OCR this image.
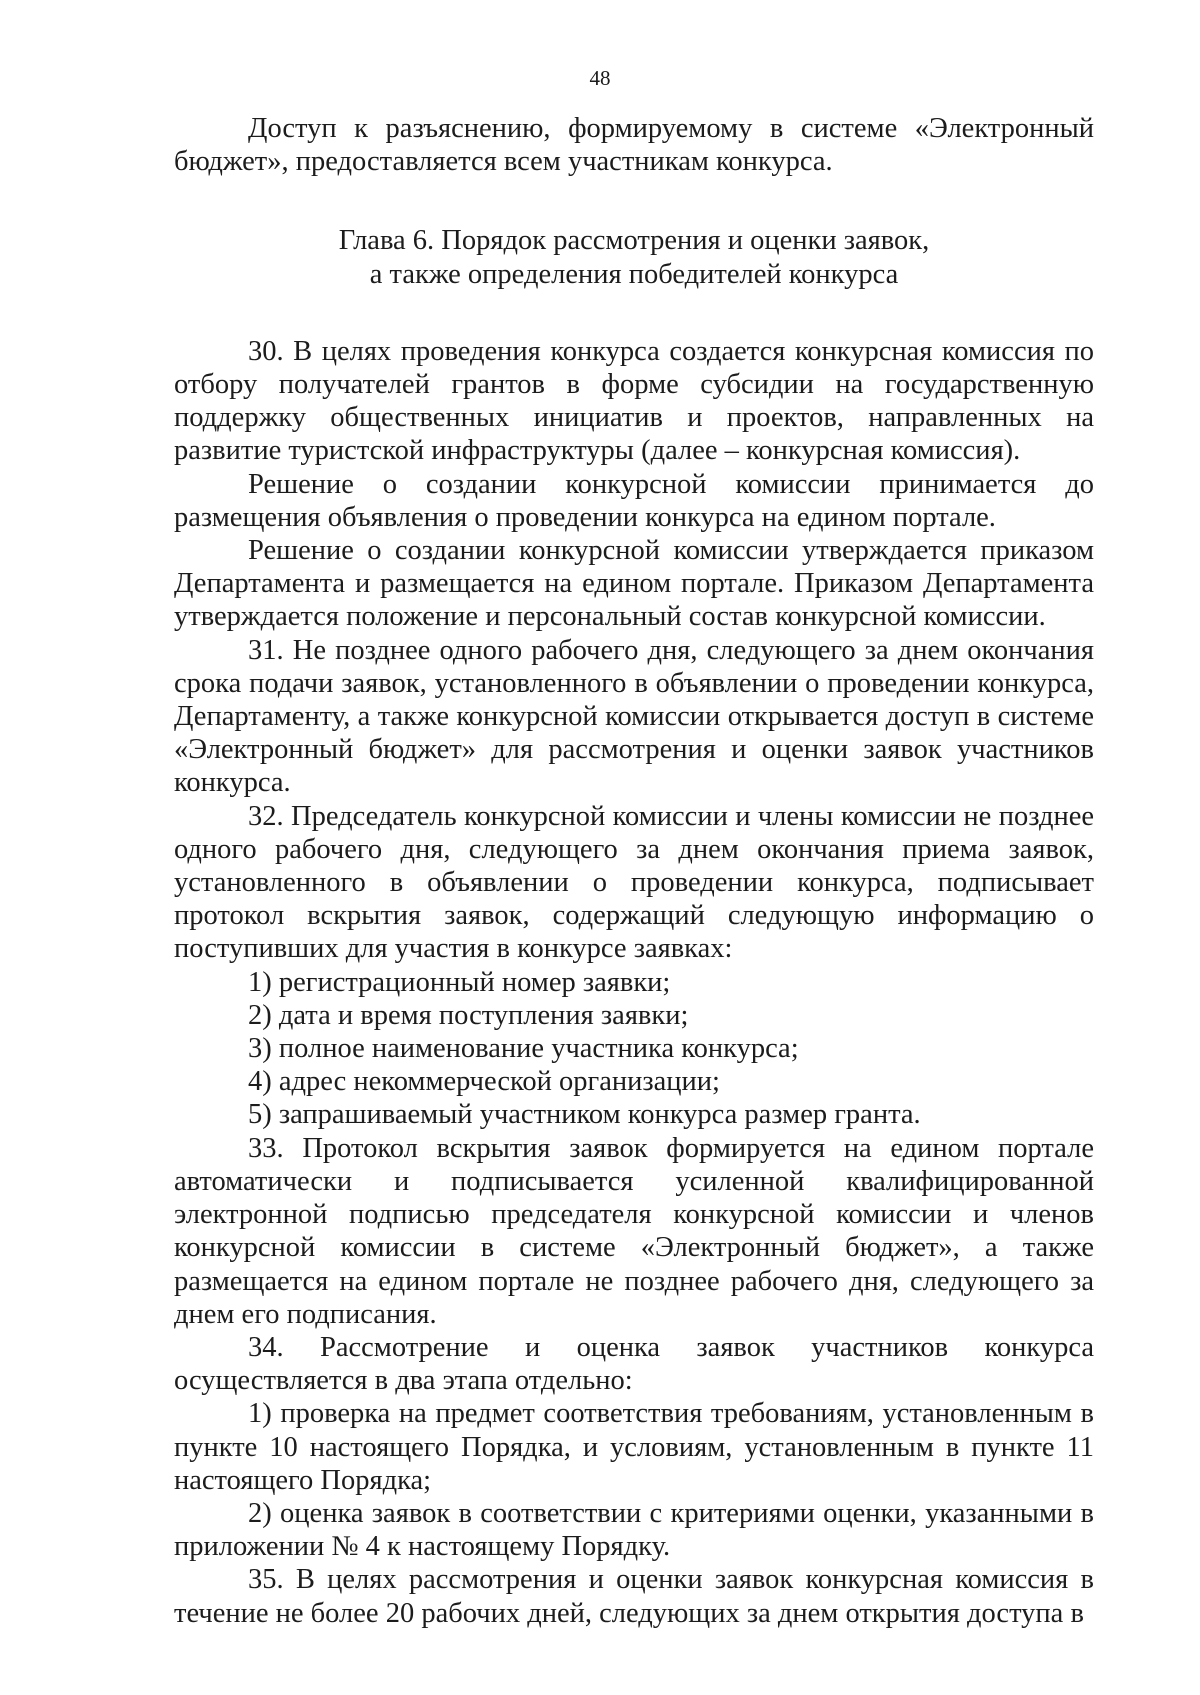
48

Доступ к разъяснению, формируемому в системе «Электронный бюджет», предоставляется всем участникам конкурса.

Глава 6. Порядок рассмотрения и оценки заявок,
а также определения победителей конкурса

30. В целях проведения конкурса создается конкурсная комиссия по отбору получателей грантов в форме субсидии на государственную поддержку общественных инициатив и проектов, направленных на развитие туристской инфраструктуры (далее – конкурсная комиссия).

Решение о создании конкурсной комиссии принимается до размещения объявления о проведении конкурса на едином портале.

Решение о создании конкурсной комиссии утверждается приказом Департамента и размещается на едином портале. Приказом Департамента утверждается положение и персональный состав конкурсной комиссии.

31. Не позднее одного рабочего дня, следующего за днем окончания срока подачи заявок, установленного в объявлении о проведении конкурса, Департаменту, а также конкурсной комиссии открывается доступ в системе «Электронный бюджет» для рассмотрения и оценки заявок участников конкурса.

32. Председатель конкурсной комиссии и члены комиссии не позднее одного рабочего дня, следующего за днем окончания приема заявок, установленного в объявлении о проведении конкурса, подписывает протокол вскрытия заявок, содержащий следующую информацию о поступивших для участия в конкурсе заявках:

1) регистрационный номер заявки;

2) дата и время поступления заявки;

3) полное наименование участника конкурса;

4) адрес некоммерческой организации;

5) запрашиваемый участником конкурса размер гранта.

33. Протокол вскрытия заявок формируется на едином портале автоматически и подписывается усиленной квалифицированной электронной подписью председателя конкурсной комиссии и членов конкурсной комиссии в системе «Электронный бюджет», а также размещается на едином портале не позднее рабочего дня, следующего за днем его подписания.

34. Рассмотрение и оценка заявок участников конкурса осуществляется в два этапа отдельно:

1) проверка на предмет соответствия требованиям, установленным в пункте 10 настоящего Порядка, и условиям, установленным в пункте 11 настоящего Порядка;

2) оценка заявок в соответствии с критериями оценки, указанными в приложении № 4 к настоящему Порядку.

35. В целях рассмотрения и оценки заявок конкурсная комиссия в течение не более 20 рабочих дней, следующих за днем открытия доступа в
